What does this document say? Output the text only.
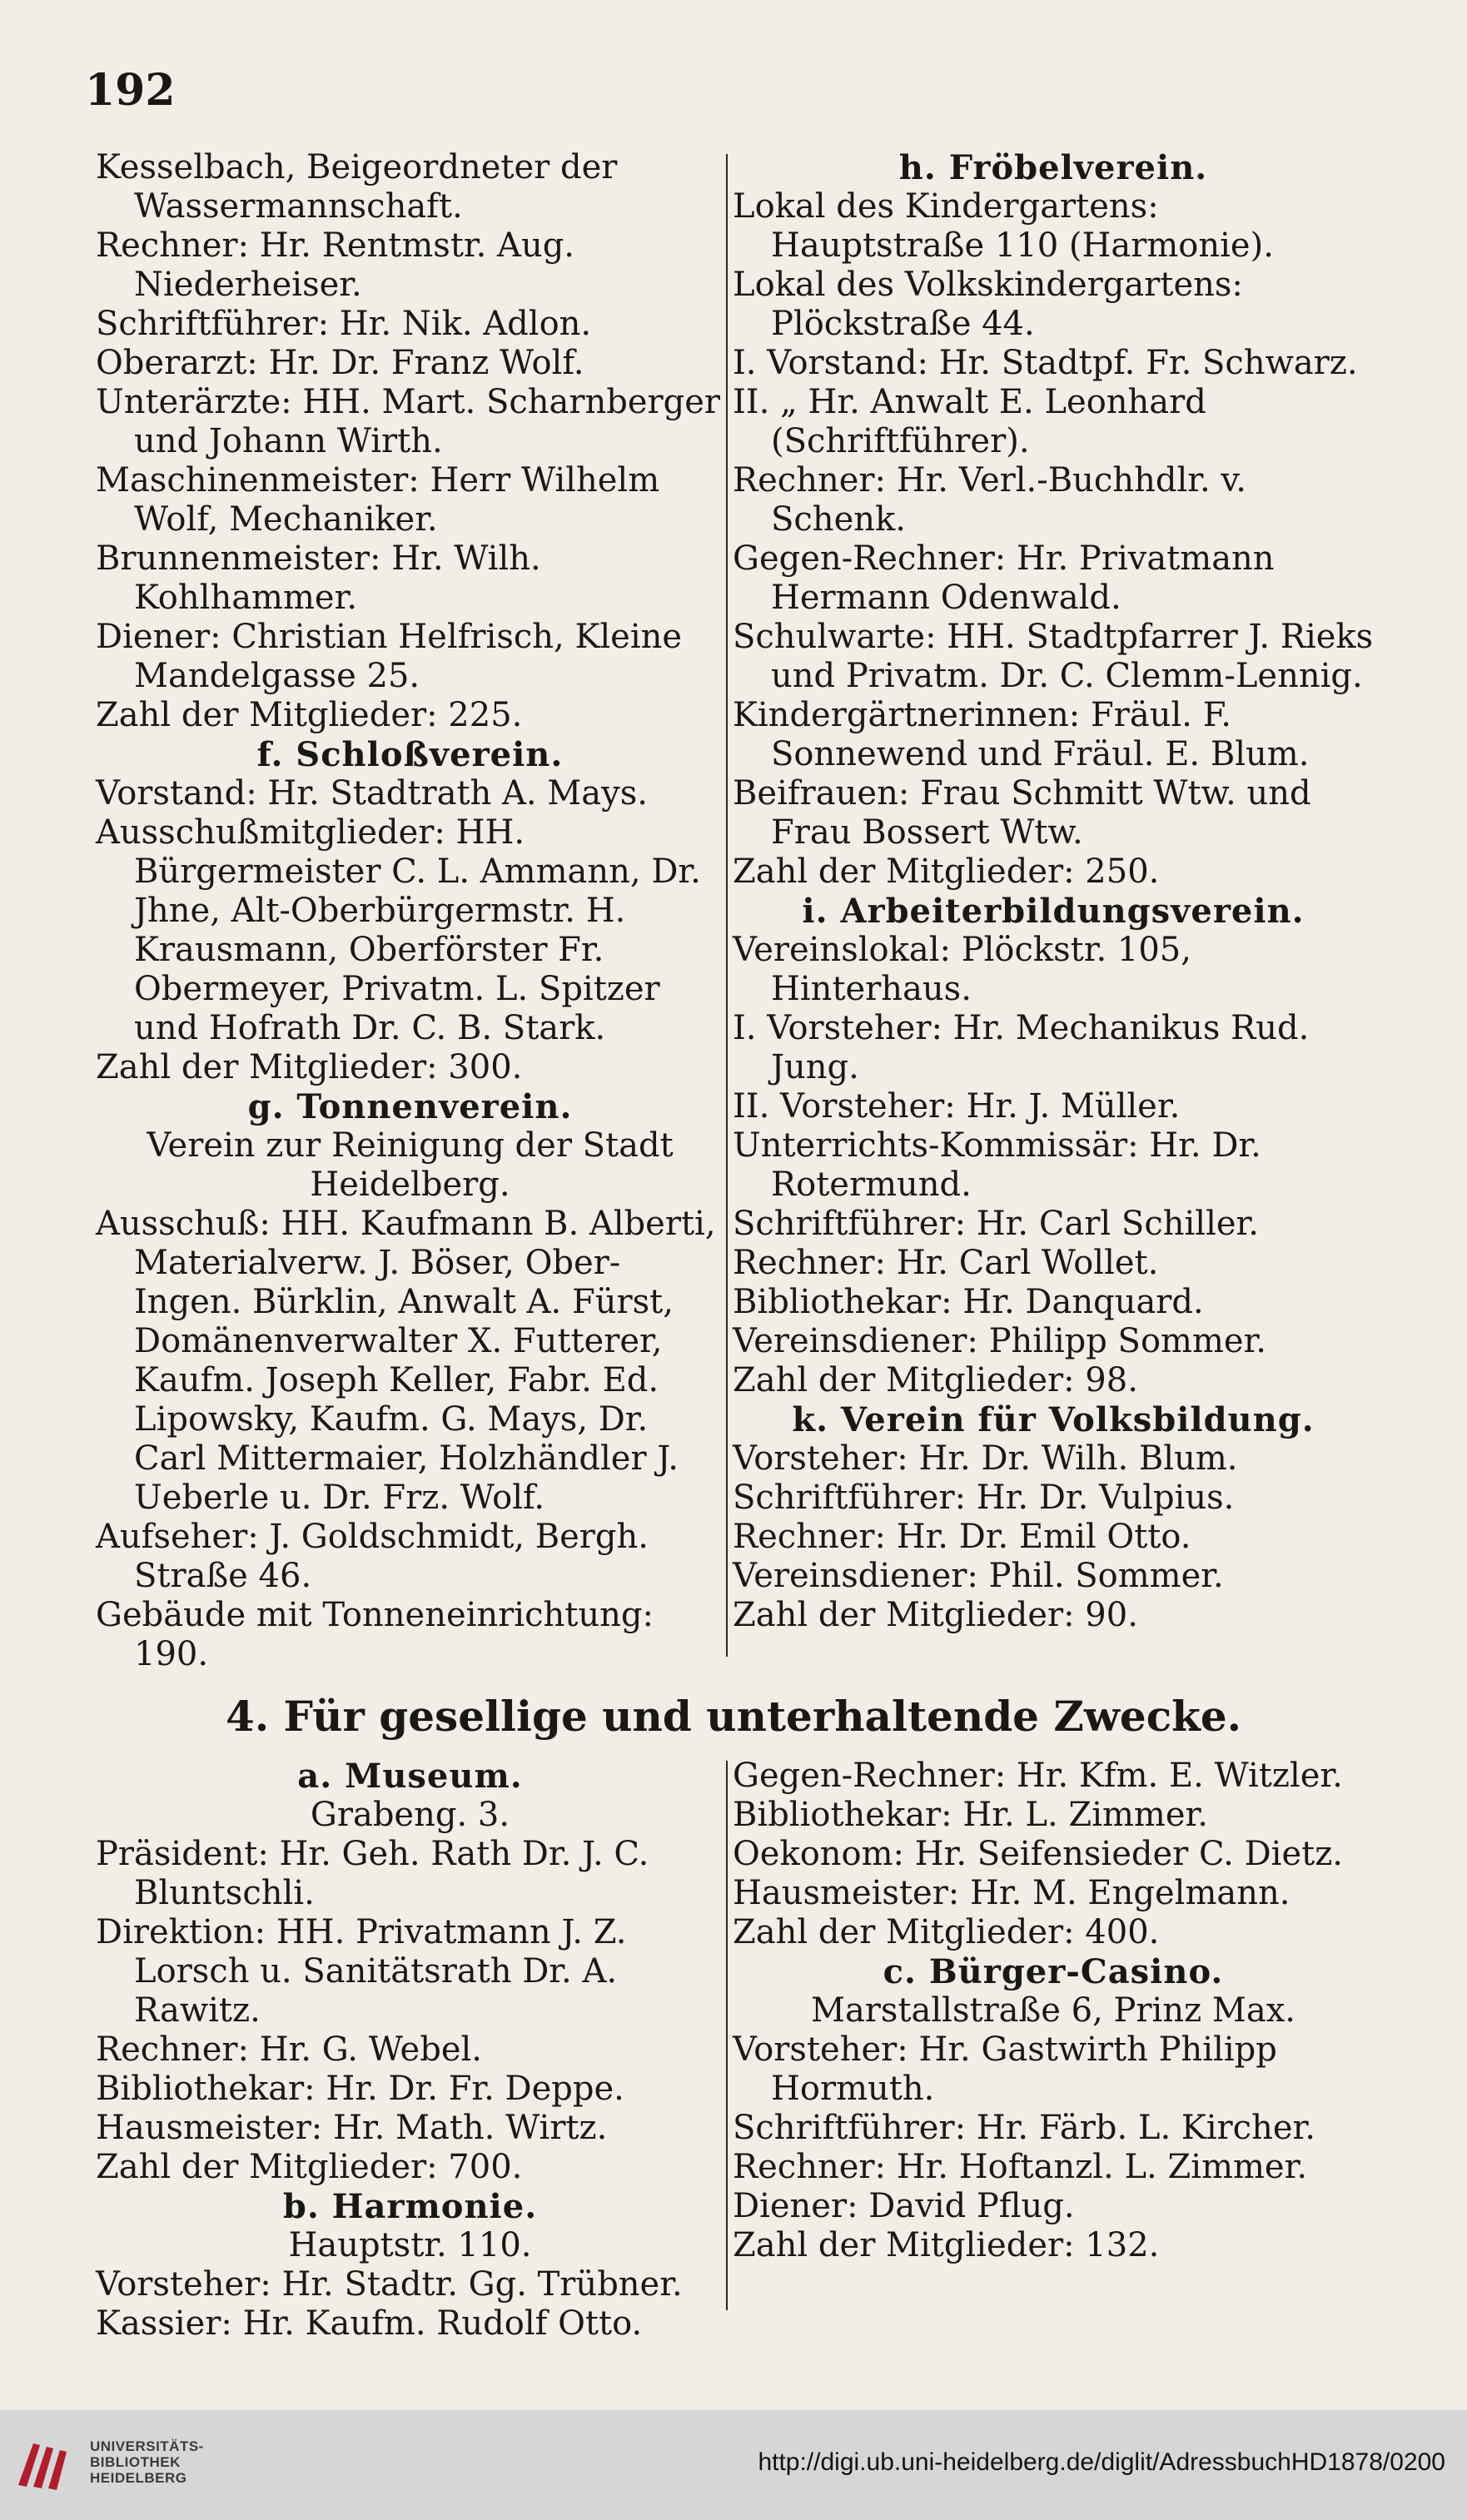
192
Kesselbach, Beigeordneter der Wassermannschaft.
Rechner: Hr. Rentmstr. Aug. Niederheiser.
Schriftführer: Hr. Nik. Adlon.
Oberarzt: Hr. Dr. Franz Wolf.
Unterärzte: HH. Mart. Scharnberger und Johann Wirth.
Maschinenmeister: Herr Wilhelm Wolf, Mechaniker.
Brunnenmeister: Hr. Wilh. Kohlhammer.
Diener: Christian Helfrisch, Kleine Mandelgasse 25.
Zahl der Mitglieder: 225.
f. Schloßverein.
Vorstand: Hr. Stadtrath A. Mays.
Ausschußmitglieder: HH. Bürgermeister C. L. Ammann, Dr. Jhne, Alt-Oberbürgermstr. H. Krausmann, Oberförster Fr. Obermeyer, Privatm. L. Spitzer und Hofrath Dr. C. B. Stark.
Zahl der Mitglieder: 300.
g. Tonnenverein.
Verein zur Reinigung der Stadt Heidelberg.
Ausschuß: HH. Kaufmann B. Alberti, Materialverw. J. Böser, Ober-Ingen. Bürklin, Anwalt A. Fürst, Domänenverwalter X. Futterer, Kaufm. Joseph Keller, Fabr. Ed. Lipowsky, Kaufm. G. Mays, Dr. Carl Mittermaier, Holzhändler J. Ueberle u. Dr. Frz. Wolf.
Aufseher: J. Goldschmidt, Bergh. Straße 46.
Gebäude mit Tonneneinrichtung: 190.
h. Fröbelverein.
Lokal des Kindergartens: Hauptstraße 110 (Harmonie).
Lokal des Volkskindergartens: Plöckstraße 44.
I. Vorstand: Hr. Stadtpf. Fr. Schwarz.
II. „ Hr. Anwalt E. Leonhard (Schriftführer).
Rechner: Hr. Verl.-Buchhdlr. v. Schenk.
Gegen-Rechner: Hr. Privatmann Hermann Odenwald.
Schulwarte: HH. Stadtpfarrer J. Rieks und Privatm. Dr. C. Clemm-Lennig.
Kindergärtnerinnen: Fräul. F. Sonnewend und Fräul. E. Blum.
Beifrauen: Frau Schmitt Wtw. und Frau Bossert Wtw.
Zahl der Mitglieder: 250.
i. Arbeiterbildungsverein.
Vereinslokal: Plöckstr. 105, Hinterhaus.
I. Vorsteher: Hr. Mechanikus Rud. Jung.
II. Vorsteher: Hr. J. Müller.
Unterrichts-Kommissär: Hr. Dr. Rotermund.
Schriftführer: Hr. Carl Schiller.
Rechner: Hr. Carl Wollet.
Bibliothekar: Hr. Danquard.
Vereinsdiener: Philipp Sommer.
Zahl der Mitglieder: 98.
k. Verein für Volksbildung.
Vorsteher: Hr. Dr. Wilh. Blum.
Schriftführer: Hr. Dr. Vulpius.
Rechner: Hr. Dr. Emil Otto.
Vereinsdiener: Phil. Sommer.
Zahl der Mitglieder: 90.
4. Für gesellige und unterhaltende Zwecke.
a. Museum.
Grabeng. 3.
Präsident: Hr. Geh. Rath Dr. J. C. Bluntschli.
Direktion: HH. Privatmann J. Z. Lorsch u. Sanitätsrath Dr. A. Rawitz.
Rechner: Hr. G. Webel.
Bibliothekar: Hr. Dr. Fr. Deppe.
Hausmeister: Hr. Math. Wirtz.
Zahl der Mitglieder: 700.
b. Harmonie.
Hauptstr. 110.
Vorsteher: Hr. Stadtr. Gg. Trübner.
Kassier: Hr. Kaufm. Rudolf Otto.
Gegen-Rechner: Hr. Kfm. E. Witzler.
Bibliothekar: Hr. L. Zimmer.
Oekonom: Hr. Seifensieder C. Dietz.
Hausmeister: Hr. M. Engelmann.
Zahl der Mitglieder: 400.
c. Bürger-Casino.
Marstallstraße 6, Prinz Max.
Vorsteher: Hr. Gastwirth Philipp Hormuth.
Schriftführer: Hr. Färb. L. Kircher.
Rechner: Hr. Hoftanzl. L. Zimmer.
Diener: David Pflug.
Zahl der Mitglieder: 132.
UNIVERSITÄTS-
BIBLIOTHEK
HEIDELBERG
http://digi.ub.uni-heidelberg.de/diglit/AdressbuchHD1878/0200
